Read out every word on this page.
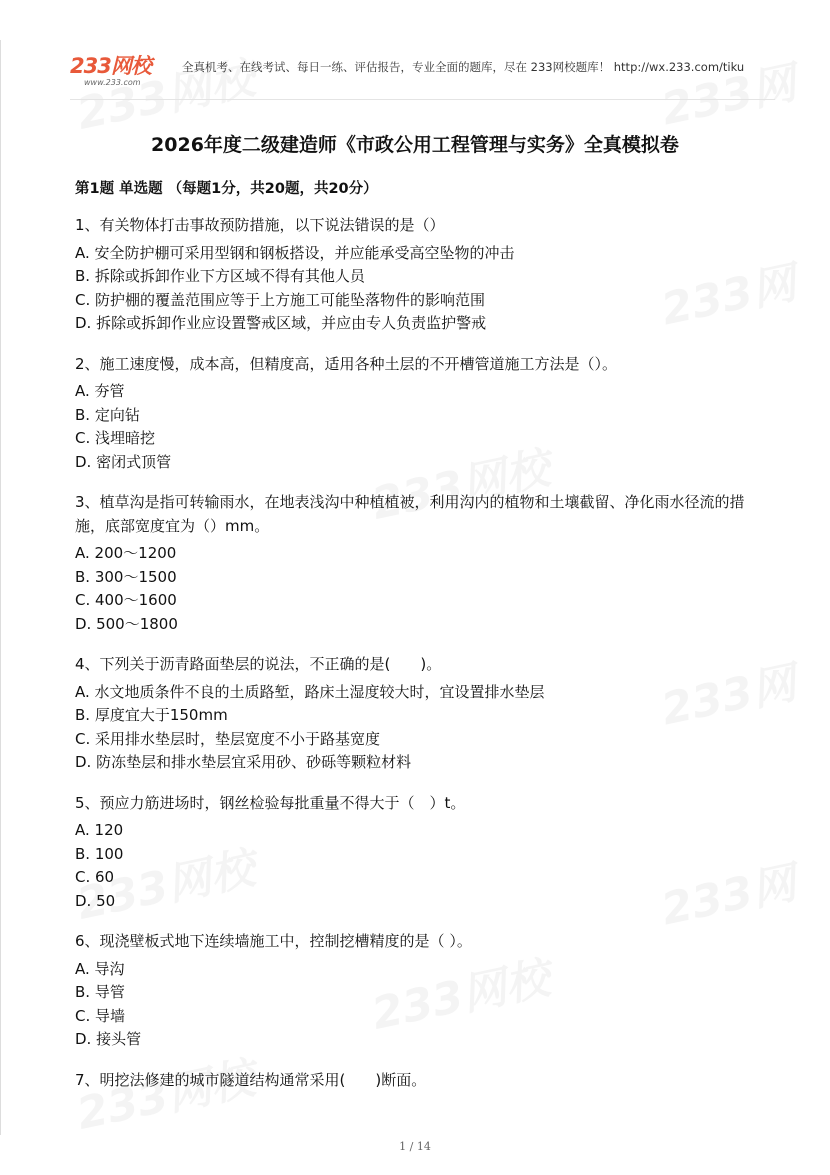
233网校
www.233.com
全真机考、在线考试、每日一练、评估报告，专业全面的题库，尽在 233网校题库！ http://wx.233.com/tiku
2026年度二级建造师《市政公用工程管理与实务》全真模拟卷
第1题 单选题 （每题1分，共20题，共20分）
1、有关物体打击事故预防措施，以下说法错误的是（）
A. 安全防护棚可采用型钢和钢板搭设，并应能承受高空坠物的冲击
B. 拆除或拆卸作业下方区域不得有其他人员
C. 防护棚的覆盖范围应等于上方施工可能坠落物件的影响范围
D. 拆除或拆卸作业应设置警戒区域，并应由专人负责监护警戒
2、施工速度慢，成本高，但精度高，适用各种土层的不开槽管道施工方法是（）。
A. 夯管
B. 定向钻
C. 浅埋暗挖
D. 密闭式顶管
3、植草沟是指可转输雨水，在地表浅沟中种植植被，利用沟内的植物和土壤截留、净化雨水径流的措施，底部宽度宜为（）mm。
A. 200～1200
B. 300～1500
C. 400～1600
D. 500～1800
4、下列关于沥青路面垫层的说法，不正确的是(　　)。
A. 水文地质条件不良的土质路堑，路床土湿度较大时，宜设置排水垫层
B. 厚度宜大于150mm
C. 采用排水垫层时，垫层宽度不小于路基宽度
D. 防冻垫层和排水垫层宜采用砂、砂砾等颗粒材料
5、预应力筋进场时，钢丝检验每批重量不得大于（　）t。
A. 120
B. 100
C. 60
D. 50
6、现浇壁板式地下连续墙施工中，控制挖槽精度的是（ ）。
A. 导沟
B. 导管
C. 导墙
D. 接头管
7、明挖法修建的城市隧道结构通常采用(　　)断面。
1 / 14
